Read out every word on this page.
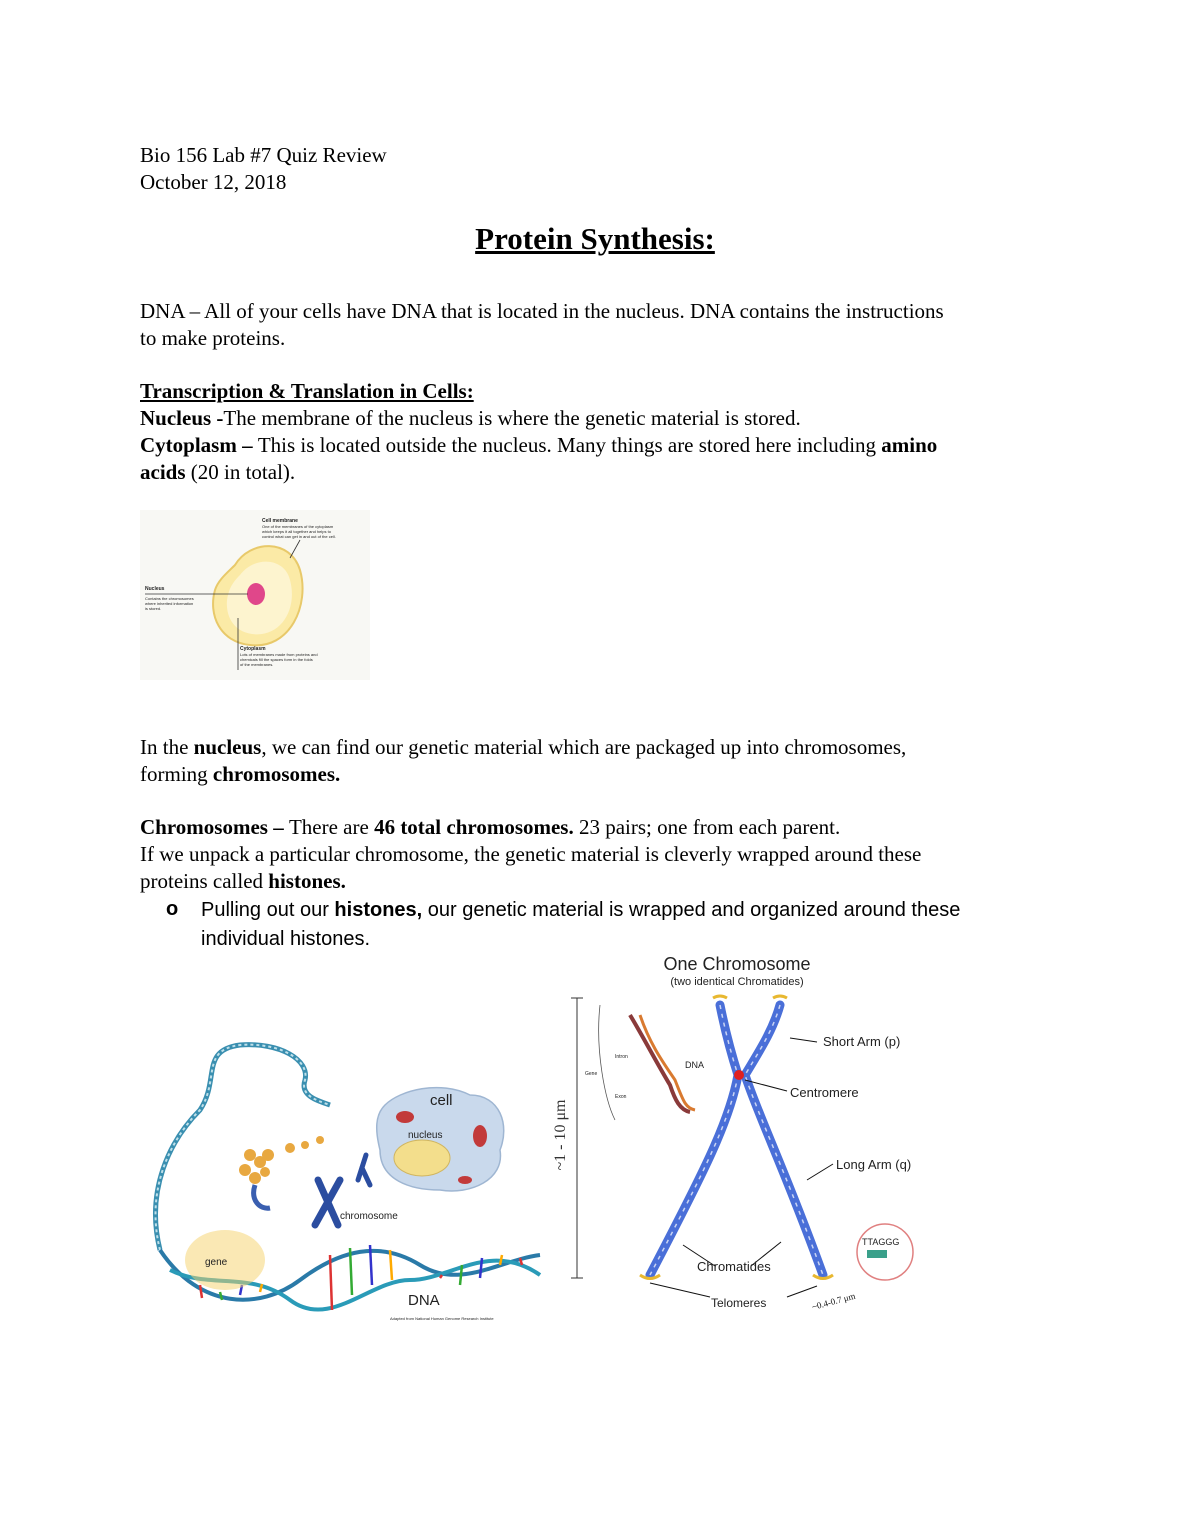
Bio 156 Lab #7 Quiz Review
October 12, 2018
Protein Synthesis:
DNA – All of your cells have DNA that is located in the nucleus. DNA contains the instructions
to make proteins.
Transcription & Translation in Cells:
Nucleus -The membrane of the nucleus is where the genetic material is stored.
Cytoplasm – This is located outside the nucleus. Many things are stored here including amino
acids (20 in total).
Cell membrane
One of the membranes of the cytoplasm
which keeps it all together and helps to
control what can get in and out of the cell.
Nucleus
Contains the chromosomes
where inherited information
is stored.
Cytoplasm
Lots of membranes made from proteins and
chemicals fill the spaces form in the folds
of the membranes.
In the nucleus, we can find our genetic material which are packaged up into chromosomes,
forming chromosomes.
Chromosomes – There are 46 total chromosomes. 23 pairs; one from each parent.
If we unpack a particular chromosome, the genetic material is cleverly wrapped around these
proteins called histones.
o Pulling out our histones, our genetic material is wrapped and organized around these
individual histones.
cell
nucleus
chromosome
gene
DNA
Adapted from National Human Genome Research Institute
One Chromosome
(two identical Chromatides)
~1 - 10 μm
Gene
Intron
Exon
DNA
Short Arm (p)
Centromere
Long Arm (q)
Chromatides
Telomeres
TTAGGG
~0.4-0.7 μm
